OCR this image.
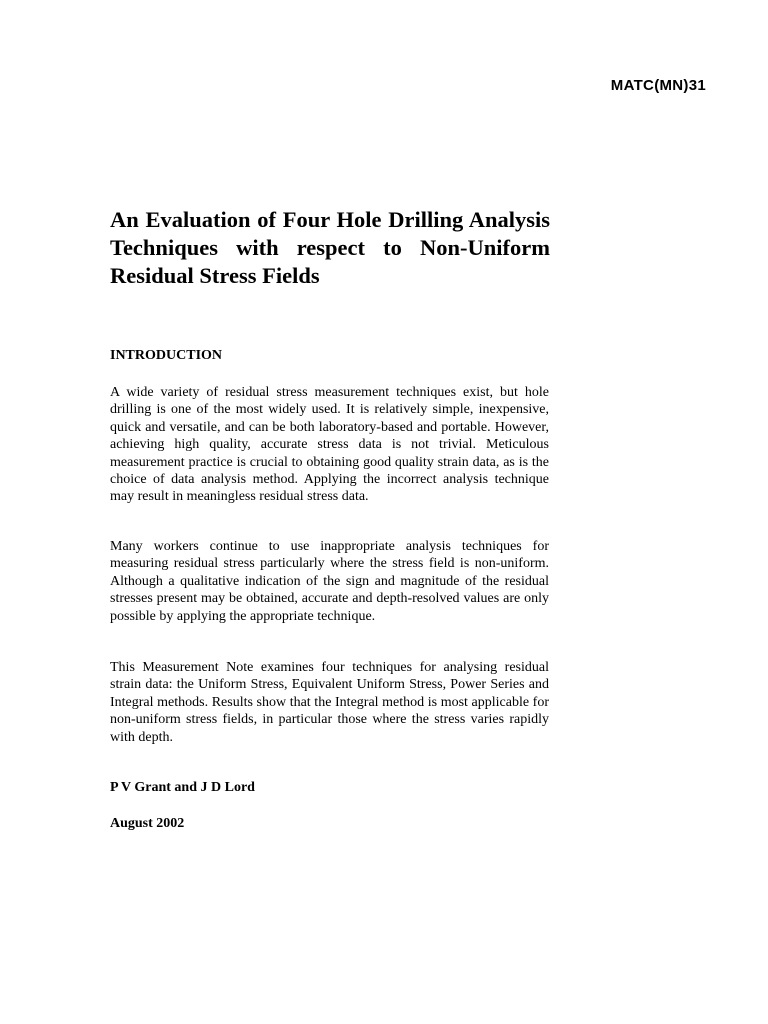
MATC(MN)31

An Evaluation of Four Hole Drilling Analysis Techniques with respect to Non-Uniform Residual Stress Fields
INTRODUCTION

A wide variety of residual stress measurement techniques exist, but hole drilling is one of the most widely used. It is relatively simple, inexpensive, quick and versatile, and can be both laboratory-based and portable. However, achieving high quality, accurate stress data is not trivial. Meticulous measurement practice is crucial to obtaining good quality strain data, as is the choice of data analysis method. Applying the incorrect analysis technique may result in meaningless residual stress data.

Many workers continue to use inappropriate analysis techniques for measuring residual stress particularly where the stress field is non-uniform. Although a qualitative indication of the sign and magnitude of the residual stresses present may be obtained, accurate and depth-resolved values are only possible by applying the appropriate technique.

This Measurement Note examines four techniques for analysing residual strain data: the Uniform Stress, Equivalent Uniform Stress, Power Series and Integral methods. Results show that the Integral method is most applicable for non-uniform stress fields, in particular those where the stress varies rapidly with depth.

P V Grant and J D Lord

August 2002
